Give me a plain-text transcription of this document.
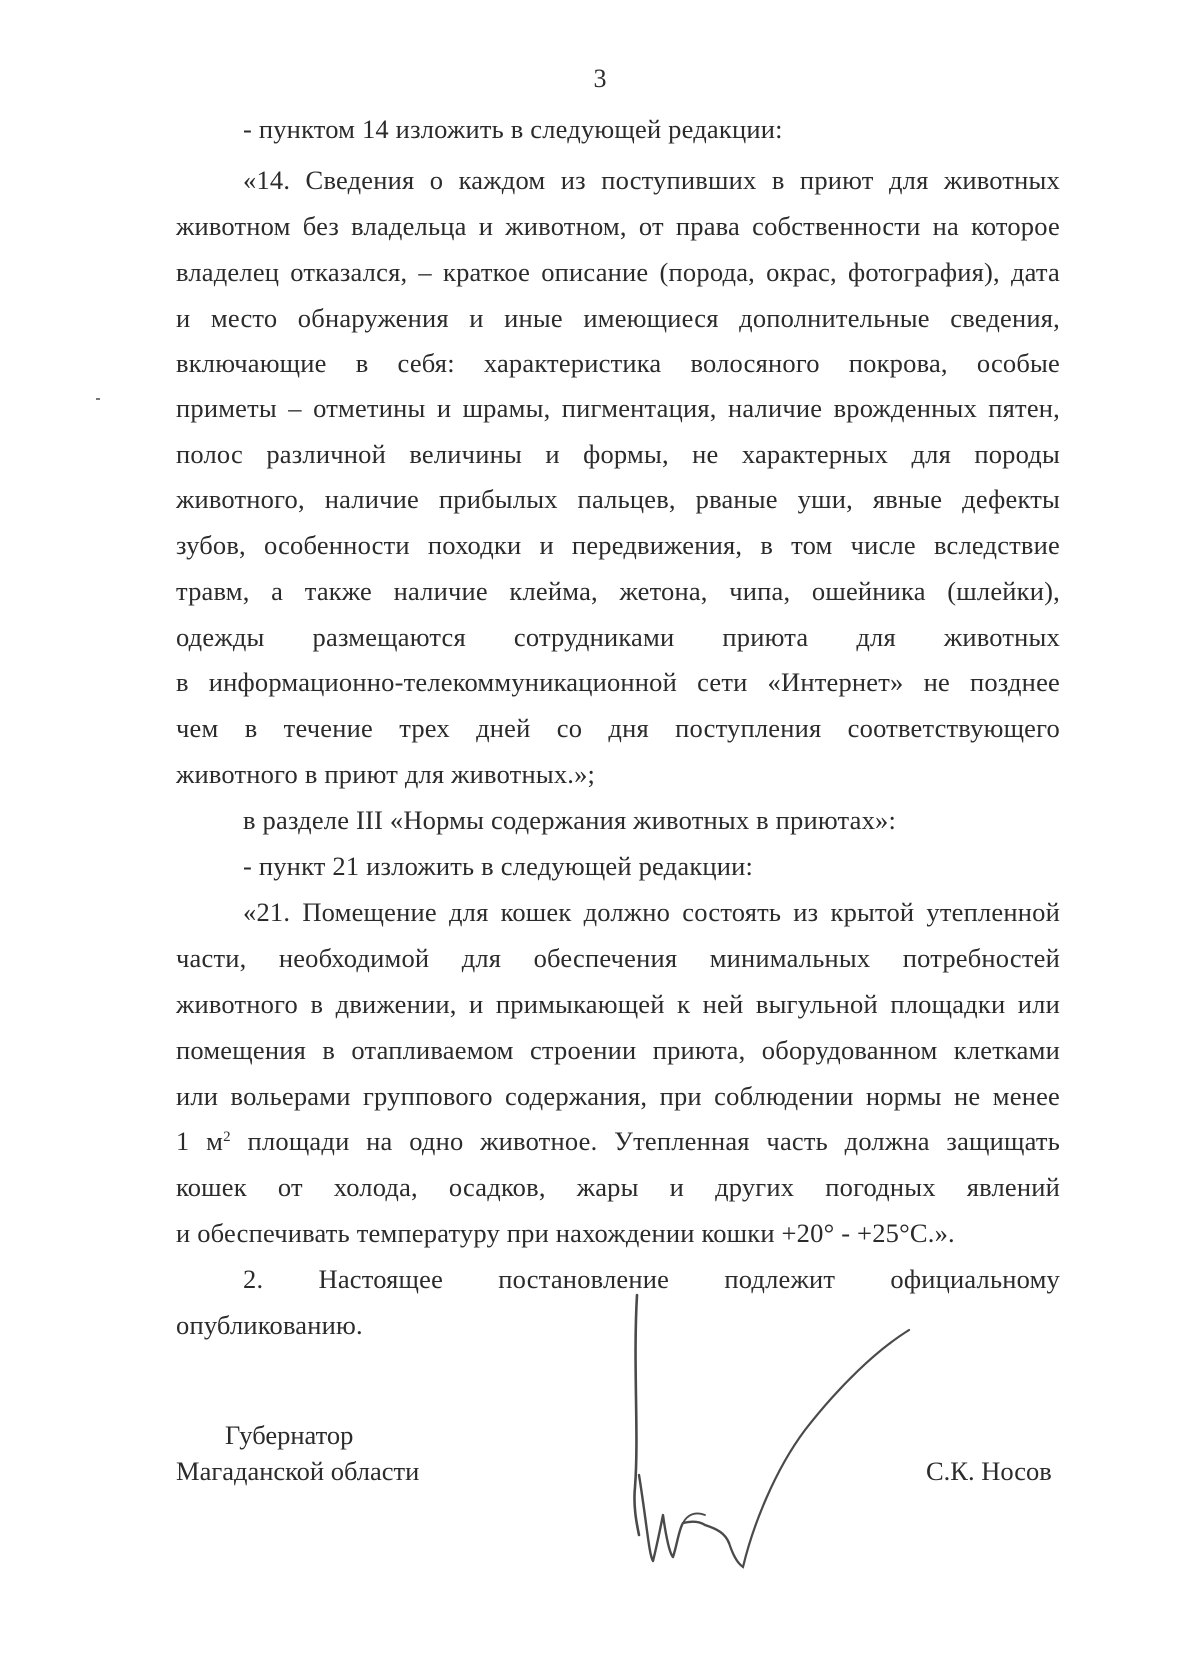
3
- пунктом 14 изложить в следующей редакции:
«14. Сведения о каждом из поступивших в приют для животных
животном без владельца и животном, от права собственности на которое
владелец отказался, – краткое описание (порода, окрас, фотография), дата
и место обнаружения и иные имеющиеся дополнительные сведения,
включающие в себя: характеристика волосяного покрова, особые
приметы – отметины и шрамы, пигментация, наличие врожденных пятен,
полос различной величины и формы, не характерных для породы
животного, наличие прибылых пальцев, рваные уши, явные дефекты
зубов, особенности походки и передвижения, в том числе вследствие
травм, а также наличие клейма, жетона, чипа, ошейника (шлейки),
одежды размещаются сотрудниками приюта для животных
в информационно-телекоммуникационной сети «Интернет» не позднее
чем в течение трех дней со дня поступления соответствующего
животного в приют для животных.»;
в разделе III «Нормы содержания животных в приютах»:
- пункт 21 изложить в следующей редакции:
«21. Помещение для кошек должно состоять из крытой утепленной
части, необходимой для обеспечения минимальных потребностей
животного в движении, и примыкающей к ней выгульной площадки или
помещения в отапливаемом строении приюта, оборудованном клетками
или вольерами группового содержания, при соблюдении нормы не менее
1 $м^2$ площади на одно животное. Утепленная часть должна защищать
кошек от холода, осадков, жары и других погодных явлений
и обеспечивать температуру при нахождении кошки +20° - +25°С.».
2. Настоящее постановление подлежит официальному
опубликованию.
Губернатор
Магаданской области	С.К. Носов
